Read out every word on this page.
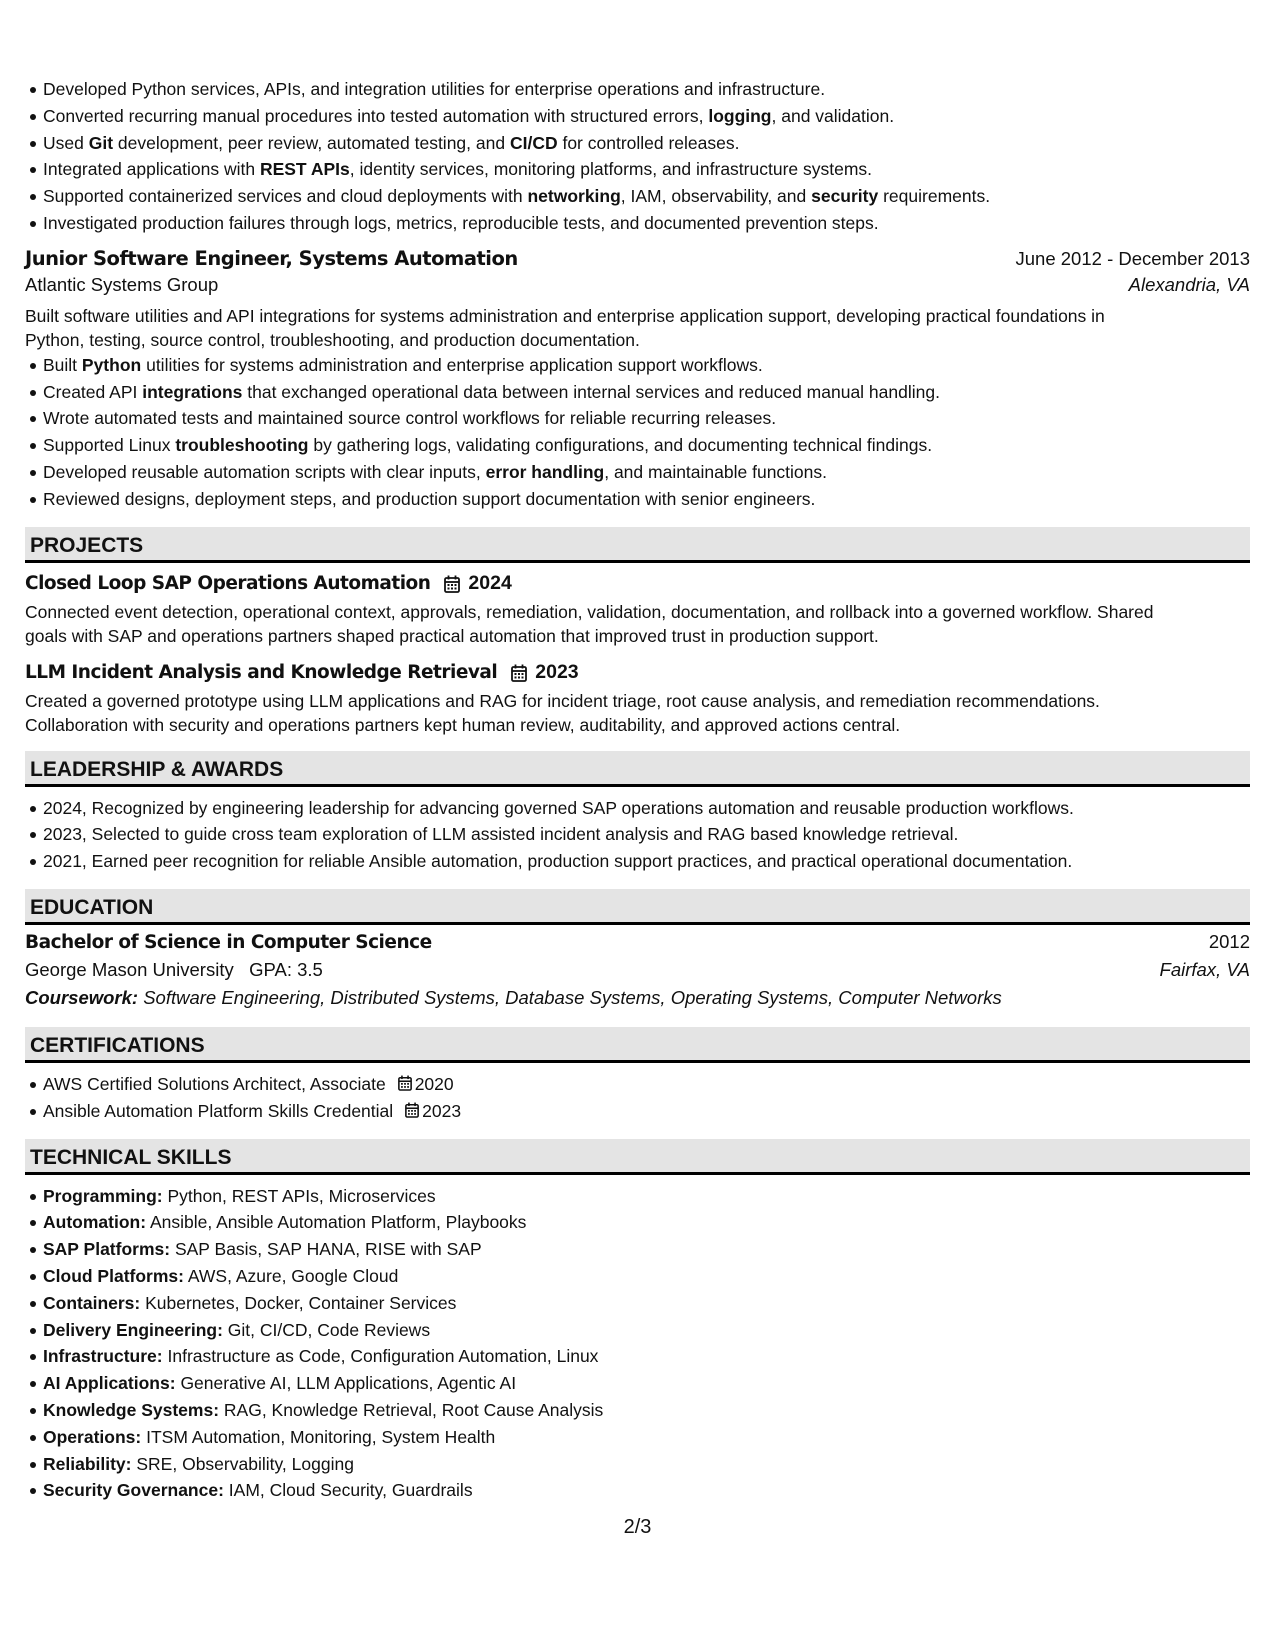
Developed Python services, APIs, and integration utilities for enterprise operations and infrastructure.
Converted recurring manual procedures into tested automation with structured errors, logging, and validation.
Used Git development, peer review, automated testing, and CI/CD for controlled releases.
Integrated applications with REST APIs, identity services, monitoring platforms, and infrastructure systems.
Supported containerized services and cloud deployments with networking, IAM, observability, and security requirements.
Investigated production failures through logs, metrics, reproducible tests, and documented prevention steps.
Junior Software Engineer, Systems Automation	June 2012 - December 2013
Atlantic Systems Group	Alexandria, VA

Built software utilities and API integrations for systems administration and enterprise application support, developing practical foundations in
Python, testing, source control, troubleshooting, and production documentation.

Built Python utilities for systems administration and enterprise application support workflows.
Created API integrations that exchanged operational data between internal services and reduced manual handling.
Wrote automated tests and maintained source control workflows for reliable recurring releases.
Supported Linux troubleshooting by gathering logs, validating configurations, and documenting technical findings.
Developed reusable automation scripts with clear inputs, error handling, and maintainable functions.
Reviewed designs, deployment steps, and production support documentation with senior engineers.
PROJECTS
Closed Loop SAP Operations Automation 2024

Connected event detection, operational context, approvals, remediation, validation, documentation, and rollback into a governed workflow. Shared
goals with SAP and operations partners shaped practical automation that improved trust in production support.

LLM Incident Analysis and Knowledge Retrieval 2023

Created a governed prototype using LLM applications and RAG for incident triage, root cause analysis, and remediation recommendations.
Collaboration with security and operations partners kept human review, auditability, and approved actions central.

LEADERSHIP & AWARDS
2024, Recognized by engineering leadership for advancing governed SAP operations automation and reusable production workflows.
2023, Selected to guide cross team exploration of LLM assisted incident analysis and RAG based knowledge retrieval.
2021, Earned peer recognition for reliable Ansible automation, production support practices, and practical operational documentation.
EDUCATION
Bachelor of Science in Computer Science	2012
George Mason University GPA: 3.5	Fairfax, VA
Coursework: Software Engineering, Distributed Systems, Database Systems, Operating Systems, Computer Networks
CERTIFICATIONS
AWS Certified Solutions Architect, Associate 2020
Ansible Automation Platform Skills Credential 2023
TECHNICAL SKILLS
Programming: Python, REST APIs, Microservices
Automation: Ansible, Ansible Automation Platform, Playbooks
SAP Platforms: SAP Basis, SAP HANA, RISE with SAP
Cloud Platforms: AWS, Azure, Google Cloud
Containers: Kubernetes, Docker, Container Services
Delivery Engineering: Git, CI/CD, Code Reviews
Infrastructure: Infrastructure as Code, Configuration Automation, Linux
AI Applications: Generative AI, LLM Applications, Agentic AI
Knowledge Systems: RAG, Knowledge Retrieval, Root Cause Analysis
Operations: ITSM Automation, Monitoring, System Health
Reliability: SRE, Observability, Logging
Security Governance: IAM, Cloud Security, Guardrails
2/3
